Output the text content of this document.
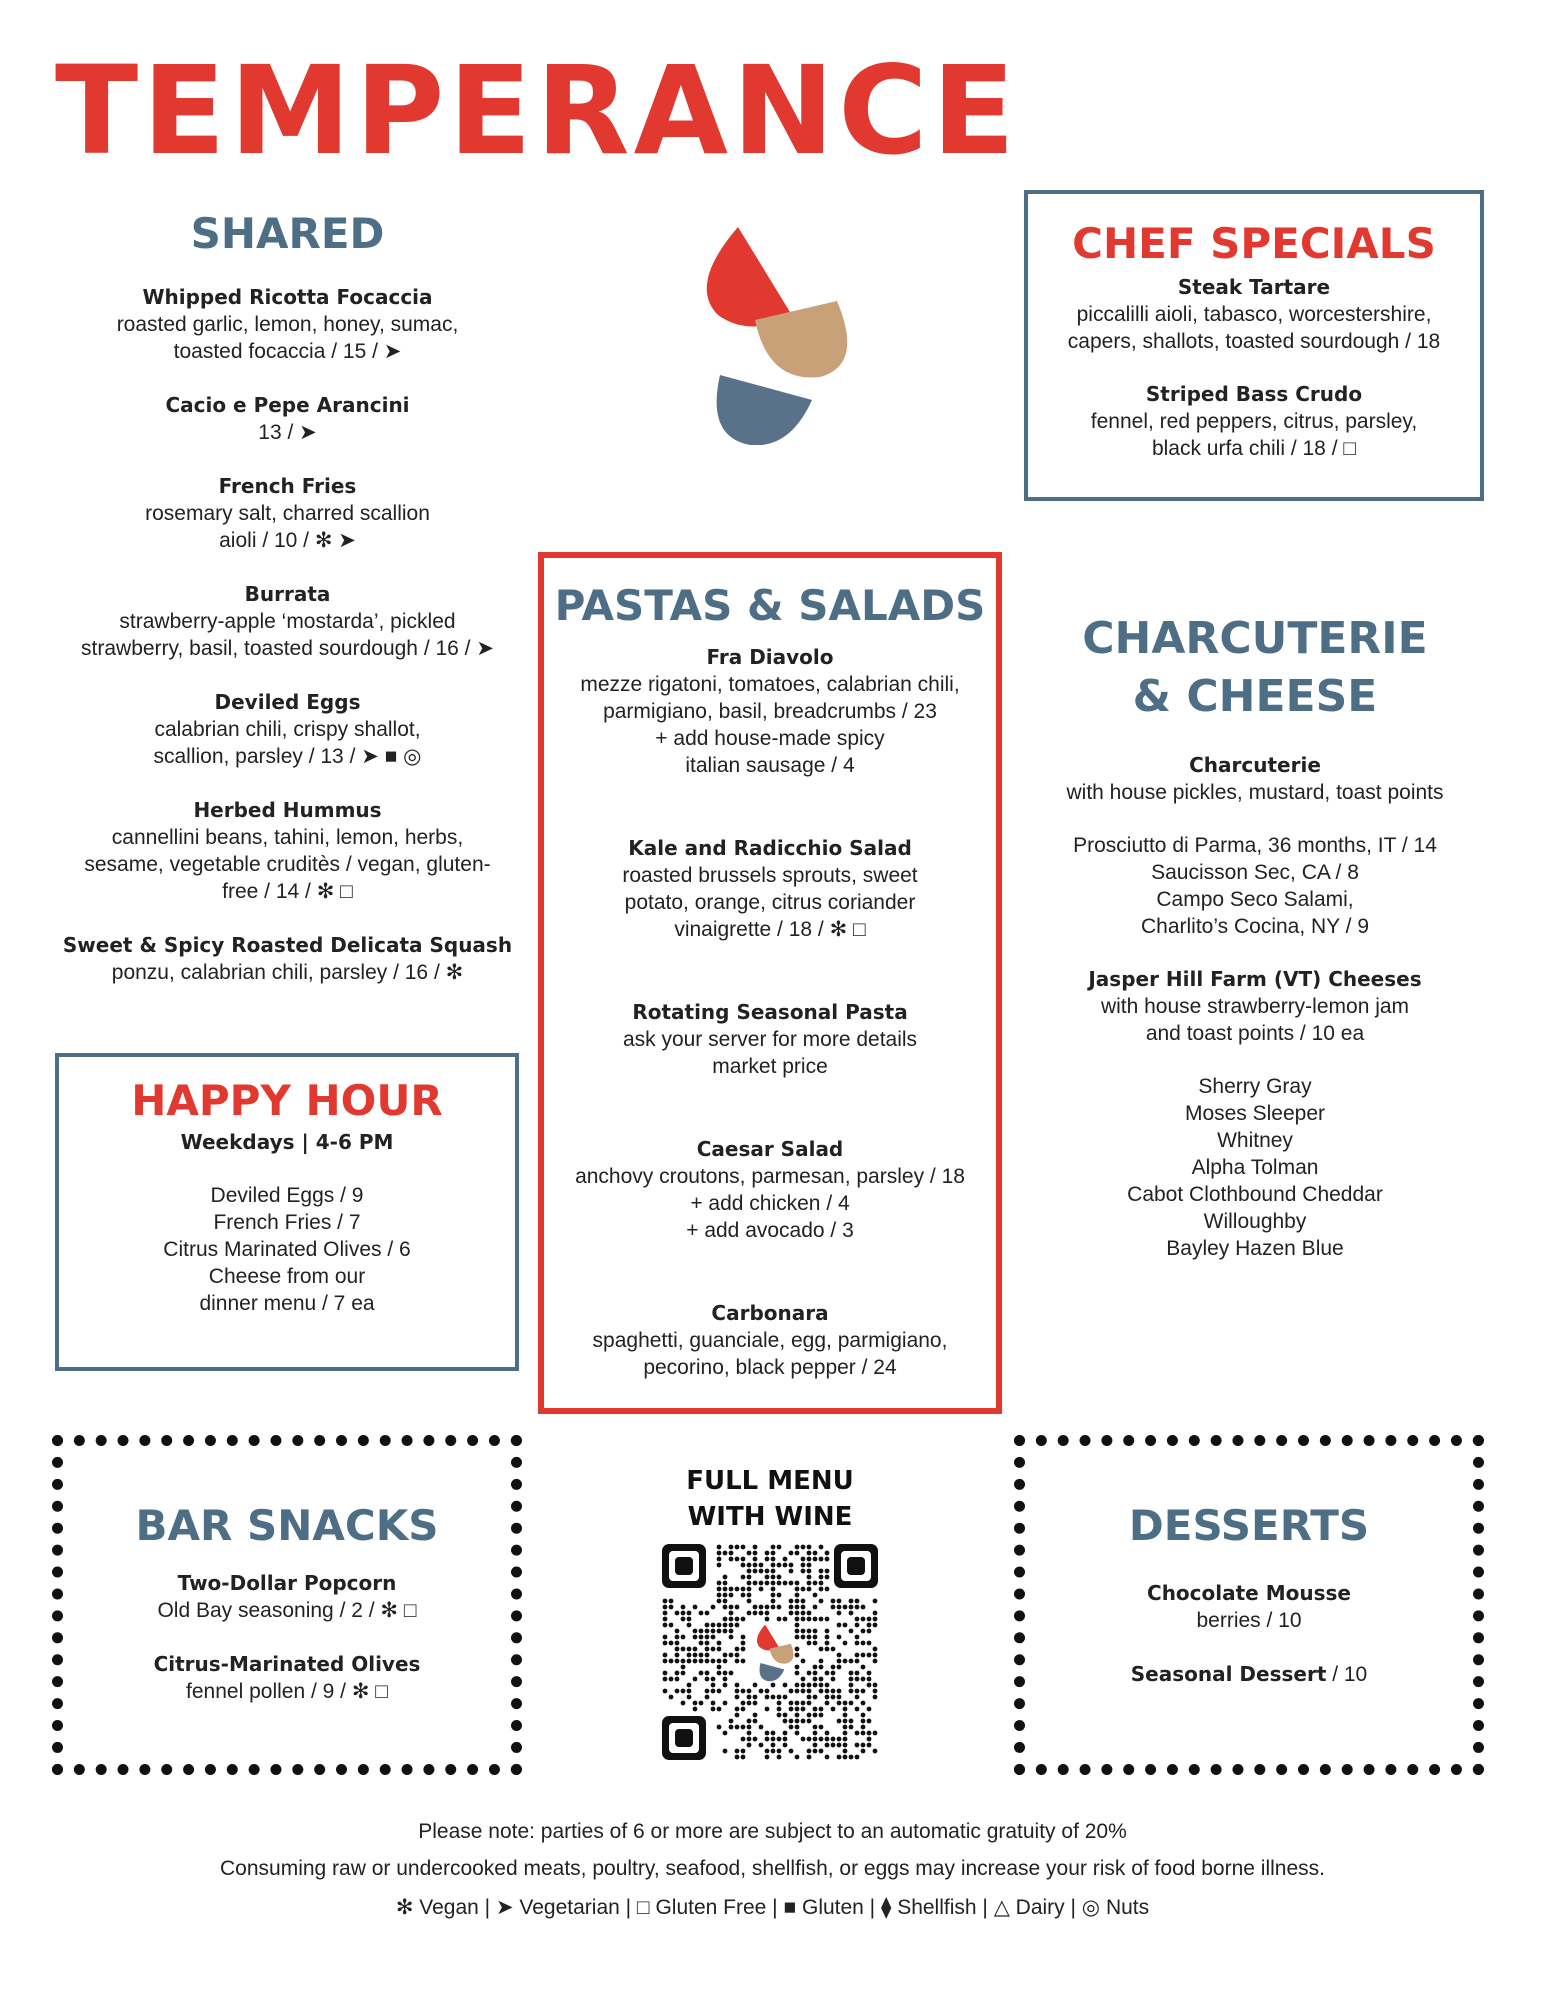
TEMPERANCE
SHARED
Whipped Ricotta Focaccia
roasted garlic, lemon, honey, sumac,
toasted focaccia / 15 / ➤
Cacio e Pepe Arancini
13 / ➤
French Fries
rosemary salt, charred scallion
aioli / 10 / ✻ ➤
Burrata
strawberry-apple ‘mostarda’, pickled
strawberry, basil, toasted sourdough / 16 / ➤
Deviled Eggs
calabrian chili, crispy shallot,
scallion, parsley / 13 / ➤ ■ ◎
Herbed Hummus
cannellini beans, tahini, lemon, herbs,
sesame, vegetable cruditès / vegan, gluten-
free / 14 / ✻ □
Sweet & Spicy Roasted Delicata Squash
ponzu, calabrian chili, parsley / 16 / ✻
CHEF SPECIALS
Steak Tartare
piccalilli aioli, tabasco, worcestershire,
capers, shallots, toasted sourdough / 18
Striped Bass Crudo
fennel, red peppers, citrus, parsley,
black urfa chili / 18 / □
PASTAS & SALADS
Fra Diavolo
mezze rigatoni, tomatoes, calabrian chili,
parmigiano, basil, breadcrumbs / 23
+ add house-made spicy
italian sausage / 4
Kale and Radicchio Salad
roasted brussels sprouts, sweet
potato, orange, citrus coriander
vinaigrette / 18 / ✻ □
Rotating Seasonal Pasta
ask your server for more details
market price
Caesar Salad
anchovy croutons, parmesan, parsley / 18
+ add chicken / 4
+ add avocado / 3
Carbonara
spaghetti, guanciale, egg, parmigiano,
pecorino, black pepper / 24
CHARCUTERIE
& CHEESE
Charcuterie
with house pickles, mustard, toast points
Prosciutto di Parma, 36 months, IT / 14
Saucisson Sec, CA / 8
Campo Seco Salami,
Charlito’s Cocina, NY / 9
Jasper Hill Farm (VT) Cheeses
with house strawberry-lemon jam
and toast points / 10 ea
Sherry Gray
Moses Sleeper
Whitney
Alpha Tolman
Cabot Clothbound Cheddar
Willoughby
Bayley Hazen Blue
HAPPY HOUR
Weekdays | 4-6 PM
Deviled Eggs / 9
French Fries / 7
Citrus Marinated Olives / 6
Cheese from our
dinner menu / 7 ea
BAR SNACKS
Two-Dollar Popcorn
Old Bay seasoning / 2 / ✻ □
Citrus-Marinated Olives
fennel pollen / 9 / ✻ □
FULL MENU
WITH WINE	DESSERTS
Chocolate Mousse
berries / 10
Seasonal Dessert / 10

Please note: parties of 6 or more are subject to an automatic gratuity of 20%

Consuming raw or undercooked meats, poultry, seafood, shellfish, or eggs may increase your risk of food borne illness.

✻ Vegan | ➤ Vegetarian | □ Gluten Free | ■ Gluten | ⧫ Shellfish | △ Dairy | ◎ Nuts
